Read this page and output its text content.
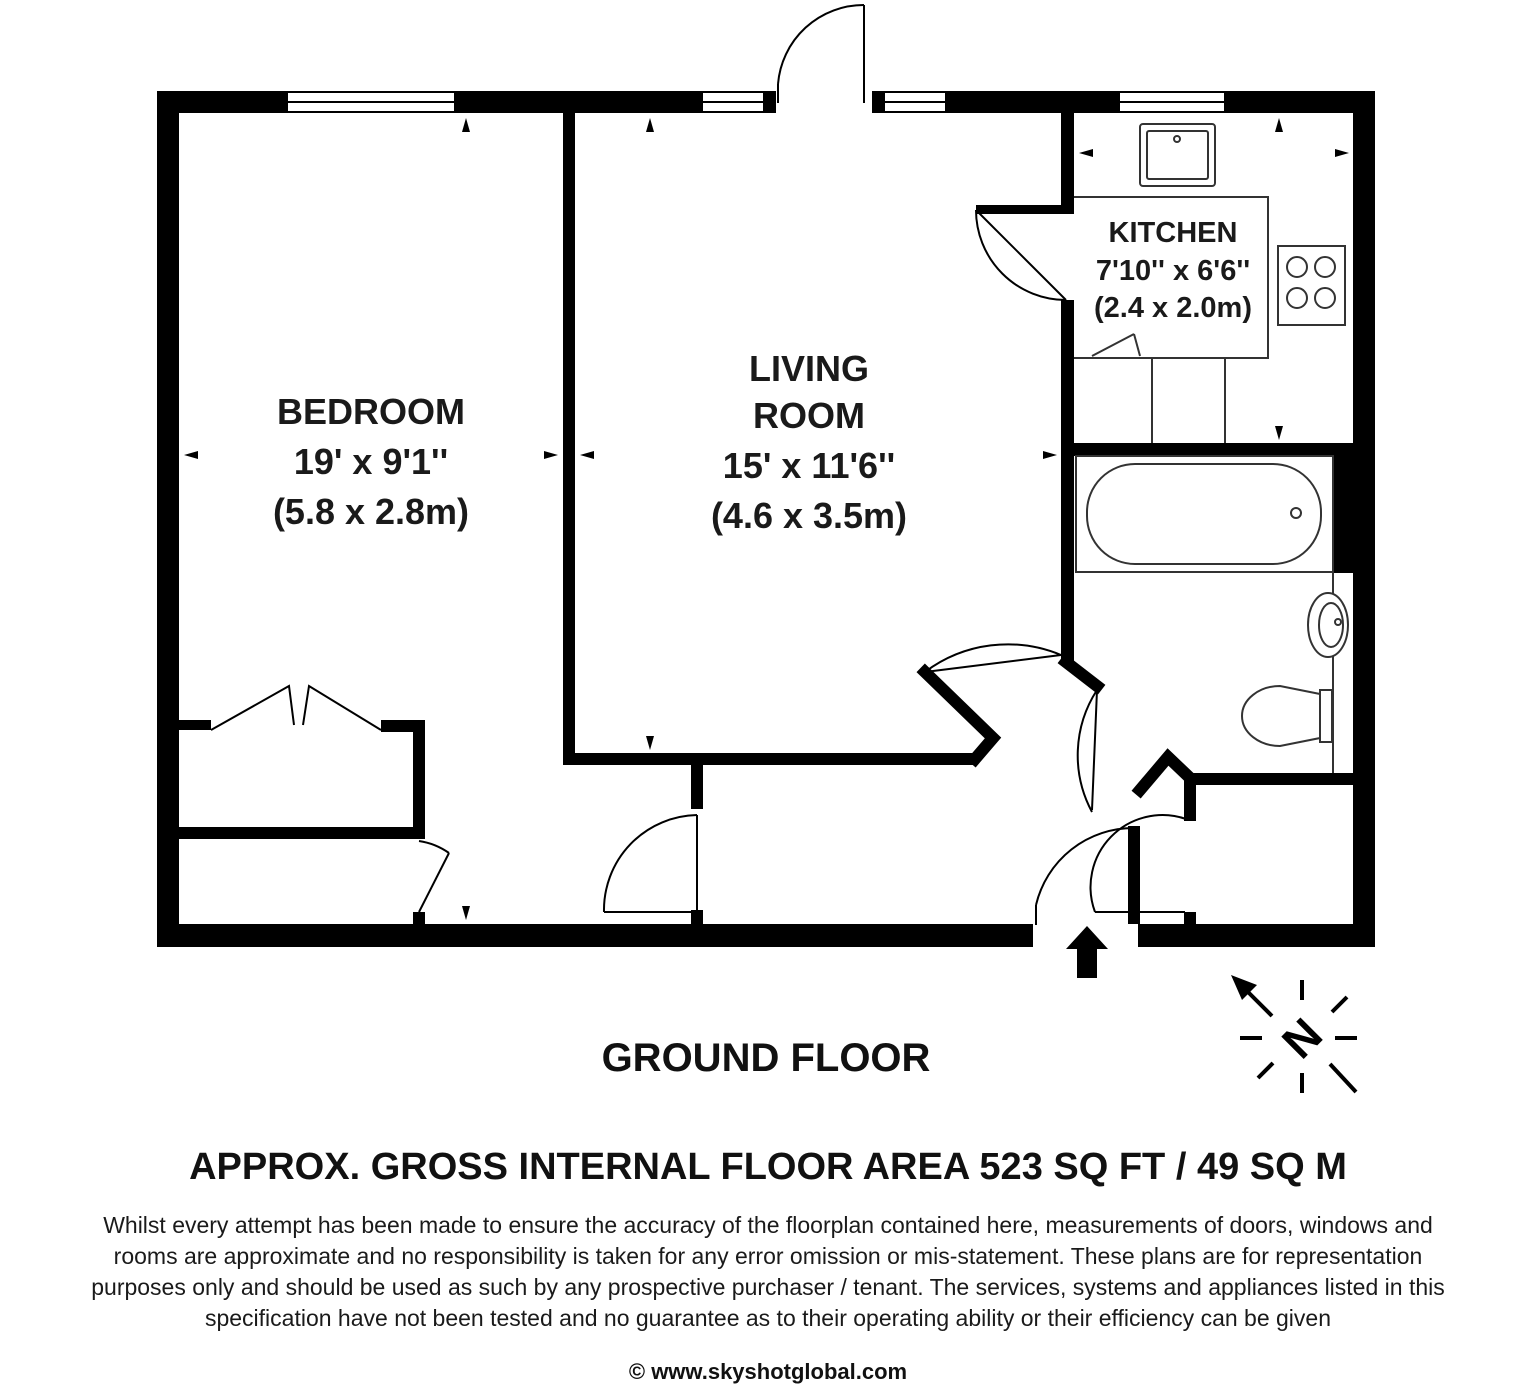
BEDROOM
19' x 9'1''
(5.8 x 2.8m)
LIVING
ROOM
15' x 11'6''
(4.6 x 3.5m)
KITCHEN
7'10'' x 6'6''
(2.4 x 2.0m)
N
GROUND FLOOR
APPROX. GROSS INTERNAL FLOOR AREA 523 SQ FT / 49 SQ M
Whilst every attempt has been made to ensure the accuracy of the floorplan contained here, measurements of doors, windows and
rooms are approximate and no responsibility is taken for any error omission or mis-statement. These plans are for representation
purposes only and should be used as such by any prospective purchaser / tenant. The services, systems and appliances listed in this
specification have not been tested and no guarantee as to their operating ability or their efficiency can be given
© www.skyshotglobal.com
